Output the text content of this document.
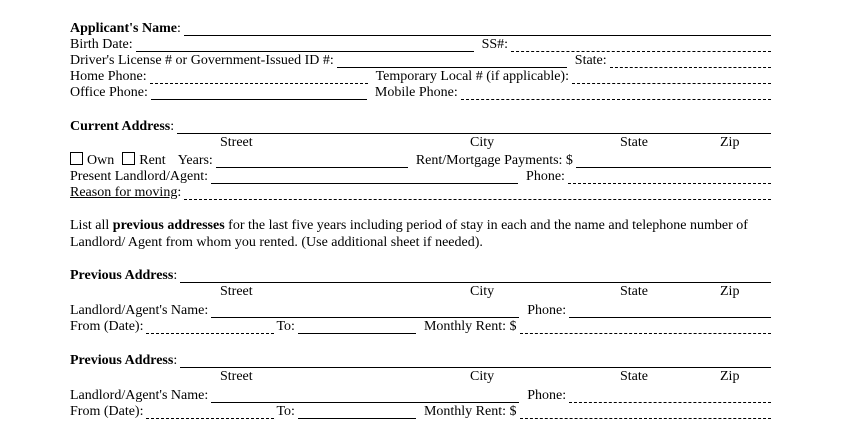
Applicant's Name:
Birth Date:	SS#:
Driver's License # or Government-Issued ID #:	State:
Home Phone:	Temporary Local # (if applicable):
Office Phone:	Mobile Phone:
Current Address:
Street	City	State	Zip
Own	Rent Years:	Rent/Mortgage Payments: $
Present Landlord/Agent:	Phone:
Reason for moving:
List all previous addresses for the last five years including period of stay in each and the name and telephone number of Landlord/ Agent from whom you rented. (Use additional sheet if needed).
Previous Address:
Street	City	State	Zip
Landlord/Agent's Name:	Phone:
From (Date):	To:	Monthly Rent: $
Previous Address:
Street	City	State	Zip
Landlord/Agent's Name:	Phone:
From (Date):	To:	Monthly Rent: $
